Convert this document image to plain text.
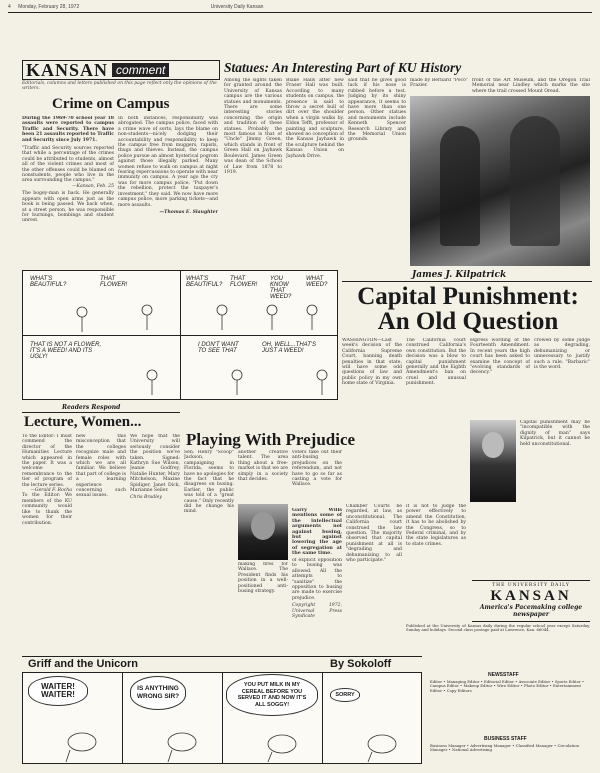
4 Monday, February 28, 1972	University Daily Kansan
KANSAN comment
Editorials, columns and letters published on this page reflect only the opinions of the writers.
Crime on Campus
During the 1969-70 school year 18 assaults were reported to campus Traffic and Security. There have been 21 assaults reported to Traffic and Security since July 1971.
"Traffic and Security sources reported that while a percentage of the crimes could be attributed to students, almost all of the violent crimes and most of the other offenses could be blamed on nonstudents, people who live in the area surrounding the campus."
—Kansan, Feb. 25
The bogey-man is back. He generally appears with open arms just as the book is being passed. We back when, at a street person, he was responsible for burnings, bombings and student unrest.
In both instances, responsibility was abrogated. The campus police, faced with a crime wave of sorts, lays the blame on non-students—nicely dodging their accountability and responsibility to keep the campus free from muggers, rapists, thugs and thieves. Instead, the campus police pursue an almost hysterical pogrom against those illegally parked. Many women refuse to walk on campus at night fearing repercussions to operate with near immunity on campus. A year ago the cry was for more campus police. "Put down the rebellion, protect the taxpayer's investment," they said. We now have more campus police, more parking tickets—and more assaults.
—Thomas E. Slaughter
Statues: An Interesting Part of KU History
Among the sights taken for granted around the University of Kansas campus are the various statues and monuments. There are some interesting stories concerning the origin and tradition of these statues. Probably the most famous is that of "Uncle" Jimmy Green, which stands in front of Green Hall on Jayhawk Boulevard. James Green was dean of the School of Law from 1878 to 1919.
Blake Halls after new Fraser Hall was built. According to many students on campus, the presence is said to throw a secret bull of dirt over the shoulder when a virgin walks by. Eldon Tefft, professor of painting and sculpture, showed no conception of the Kansas Jayhawk in the sculpture behind the Kansas Union on Jayhawk Drive.
said that he gives good luck if his nose is rubbed before a test. Judging by its shiny appearance, it seems to have more than one person. Other statues and monuments include Kenneth Spencer Research Library and the Memorial Union grounds.
made by Bernard "Poco" Frazier.
front of the Art Museum, and the Oregon Trail Memorial near Lindley which marks the site where the trail crossed Mount Oread.
WHAT'S BEAUTIFUL?
THAT FLOWER!
WHAT'S BEAUTIFUL?
THAT FLOWER!
YOU KNOW THAT WEED?
WHAT WEED?
THAT IS NOT A FLOWER, IT'S A WEED! AND ITS UGLY!
I DON'T WANT TO SEE THAT
OH, WELL...THAT'S JUST A WEED!
James J. Kilpatrick
Capital Punishment: An Old Question
WASHINGTON—Last week's decision of the California Supreme Court, banning death penalties in that state, will have some odd questions of law and public policy in my own home state of Virginia.
The California court construed California's own constitution. But the decision was a blow to capital punishment generally and the Eighth Amendment's ban on cruel and unusual punishment.
express wording of the Fourteenth Amendment. In recent years the high court has been asked to examine the concept of "evolving standards of decency."
crowed by some judge as degrading, dehumanizing or unnecessary to justify such a rule. "Barbaric" is the word.
Capital punishment may be "incompatible with the dignity of man" says Kilpatrick, but it cannot be held unconstitutional.
Readers Respond
Lecture, Women...
To the Editor: I must commend the director of the Humanities Lecture which appeared in the paper. It was a welcome remembrance to the tier of program of the lecture series.
—Gerald F. Rocha
To the Editor: We members of the KU community would like to thank the women for their contribution.
new this misconception that the colleges recognize male and female roles with which we are all familiar. We believe that part of college is a learning experience concerning such sexual issues.
We hope that the University will seriously consider the position we've taken. Signed: Kathryn Sue Wilson, Jeanie Godfrey, Natalie Hunter, Mary Mitchelson, Maxine Spidiger, Janet Dick, Marianne Seiler.
Chris Bradley
Playing With Prejudice
Sen. Henry "Scoop" Jackson, campaigning in Florida, seems to have no apologies for the fact that he disagrees on busing. Earlier, the public was told of a "great cause." Only recently did he change his mind.
another creative talent. The area thing about a free-market is that we are simply in a society that decides.
making fires for Wallace. The President finds his position in a well-positioned anti-busing strategy.
voters take out their anti-busing prejudices on the referendum, and not have to go so far as casting a vote for Wallace.
Garry Wills mentions some of the intellectual arguments not against busing, but against lowering the age of segregation at the same time.
of explicit opposition to busing was allowed. All the attempts to "sanitize" the opposition to busing are made to exercise prejudice.
Copyright 1972, Universal Press Syndicate
Chamber Courts be regarded, at law, as unconstitutional. The California court construed the law question. The majority observed that capital punishment at all is "degrading and dehumanizing to all who participate."
it is not to judge the power effectively to amend the Constitution, it has to be abolished by the Congress, so to Federal criminal, and by the state legislatures as to state crimes.
THE UNIVERSITY DAILY
KANSAN
America's Pacemaking college newspaper
Published at the University of Kansas daily during the regular school year except Saturday, Sunday and holidays. Second class postage paid at Lawrence, Kan. 66044.
Griff and the Unicorn	By Sokoloff
WAITER! WAITER!
IS ANYTHING WRONG SIR?
YOU PUT MILK IN MY CEREAL BEFORE YOU SERVED IT AND NOW IT'S ALL SOGGY!
SORRY
NEWSSTAFF
Editor • Managing Editor • Editorial Editor • Associate Editor • Sports Editor • Campus Editor • Makeup Editor • Wire Editor • Photo Editor • Entertainment Editor • Copy Editors
BUSINESS STAFF
Business Manager • Advertising Manager • Classified Manager • Circulation Manager • National Advertising
